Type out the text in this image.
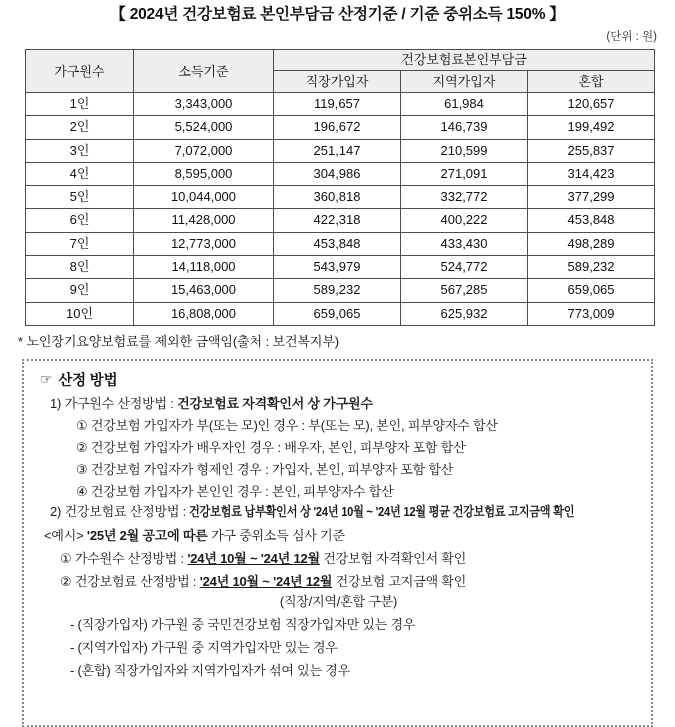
【 2024년 건강보험료 본인부담금 산정기준 / 기준 중위소득 150% 】
(단위 : 원)
가구원수	소득기준	건강보험료본인부담금		
		직장가입자	지역가입자	혼합
1인	3,343,000	119,657	61,984	120,657
2인	5,524,000	196,672	146,739	199,492
3인	7,072,000	251,147	210,599	255,837
4인	8,595,000	304,986	271,091	314,423
5인	10,044,000	360,818	332,772	377,299
6인	11,428,000	422,318	400,222	453,848
7인	12,773,000	453,848	433,430	498,289
8인	14,118,000	543,979	524,772	589,232
9인	15,463,000	589,232	567,285	659,065
10인	16,808,000	659,065	625,932	773,009
* 노인장기요양보험료를 제외한 금액임(출처 : 보건복지부)
☞ 산정 방법
1) 가구원수 산정방법 : 건강보험료 자격확인서 상 가구원수
① 건강보험 가입자가 부(또는 모)인 경우 : 부(또는 모), 본인, 피부양자수 합산
② 건강보험 가입자가 배우자인 경우 : 배우자, 본인, 피부양자 포함 합산
③ 건강보험 가입자가 형제인 경우 : 가입자, 본인, 피부양자 포함 합산
④ 건강보험 가입자가 본인인 경우 : 본인, 피부양자수 합산
2) 건강보험료 산정방법 : 건강보험료 납부확인서 상 '24년 10월 ~ '24년 12월 평균 건강보험료 고지금액 확인
<예시> '25년 2월 공고에 따른 가구 중위소득 심사 기준
① 가수원수 산정방법 : '24년 10월 ~ '24년 12월 건강보험 자격확인서 확인
② 건강보험료 산정방법 : '24년 10월 ~ '24년 12월 건강보험 고지금액 확인
(직장/지역/혼합 구분)
- (직장가입자) 가구원 중 국민건강보험 직장가입자만 있는 경우
- (지역가입자) 가구원 중 지역가입자만 있는 경우
- (혼합) 직장가입자와 지역가입자가 섞여 있는 경우
